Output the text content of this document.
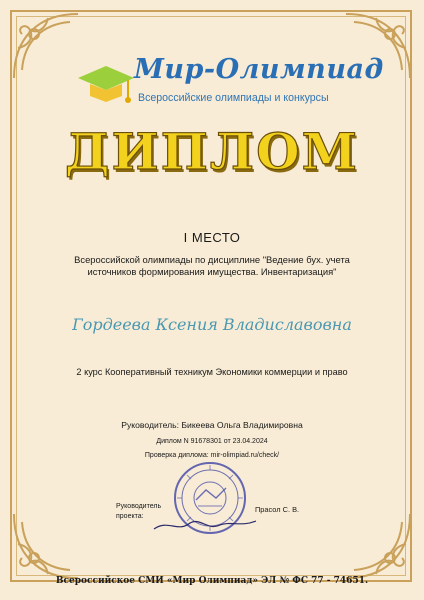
Мир-Олимпиад
Всероссийские олимпиады и конкурсы
ДИПЛОМ
I МЕСТО
Всероссийской олимпиады по дисциплине "Ведение бух. учета
источников формирования имущества. Инвентаризация"
Гордеева Ксения Владиславовна
2 курс Кооперативный техникум Экономики коммерции и право
Руководитель: Бикеева Ольга Владимировна
Диплом N 91678301 от 23.04.2024
Проверка диплома: mir-olimpiad.ru/check/
Руководитель
проекта:
Прасол С. В.
Всероссийское СМИ «Мир Олимпиад» ЭЛ № ФС 77 - 74651.
